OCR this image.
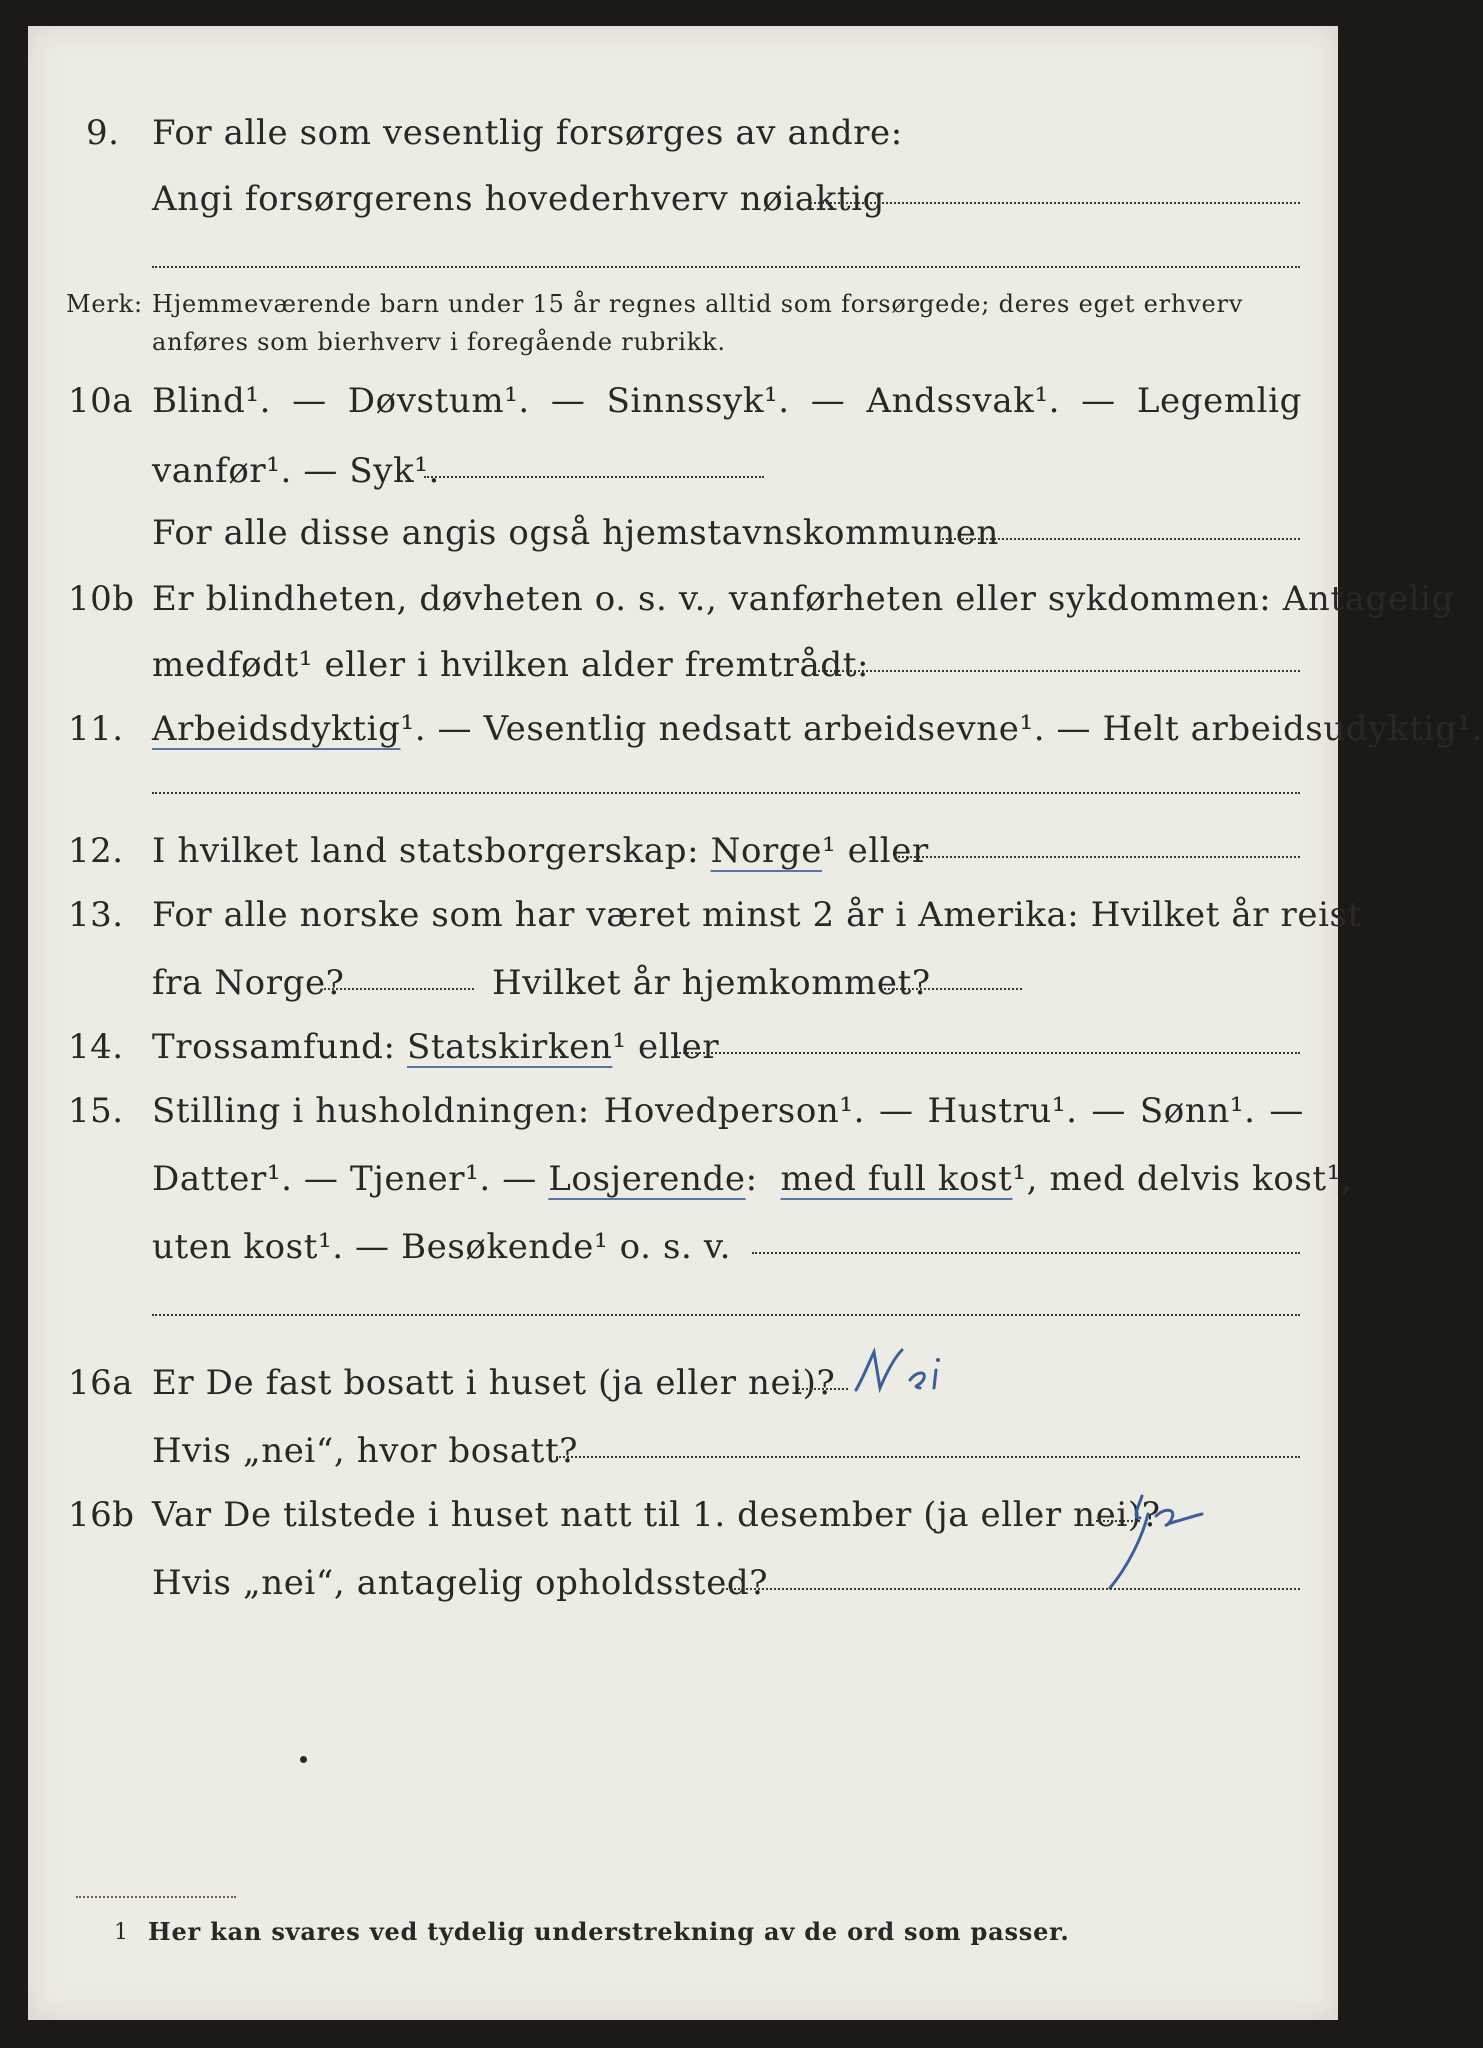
9. For alle som vesentlig forsørges av andre:
Angi forsørgerens hovederhverv nøiaktig
Merk: Hjemmeværende barn under 15 år regnes alltid som forsørgede; deres eget erhverv
anføres som bierhverv i foregående rubrikk.
10a Blind¹. — Døvstum¹. — Sinnssyk¹. — Andssvak¹. — Legemlig
vanfør¹. — Syk¹.
For alle disse angis også hjemstavnskommunen
10b Er blindheten, døvheten o. s. v., vanførheten eller sykdommen: Antagelig
medfødt¹ eller i hvilken alder fremtrådt:
11. Arbeidsdyktig¹. — Vesentlig nedsatt arbeidsevne¹. — Helt arbeidsudyktig¹.
12. I hvilket land statsborgerskap: Norge¹ eller
13. For alle norske som har været minst 2 år i Amerika: Hvilket år reist
fra Norge?	Hvilket år hjemkommet?
14. Trossamfund: Statskirken¹ eller
15. Stilling i husholdningen: Hovedperson¹. — Hustru¹. — Sønn¹. —
Datter¹. — Tjener¹. — Losjerende:  med full kost¹, med delvis kost¹,
uten kost¹. — Besøkende¹ o. s. v.
16a Er De fast bosatt i huset (ja eller nei)?
Hvis „nei“, hvor bosatt?
16b Var De tilstede i huset natt til 1. desember (ja eller nei)?
Hvis „nei“, antagelig opholdssted?
1 Her kan svares ved tydelig understrekning av de ord som passer.
